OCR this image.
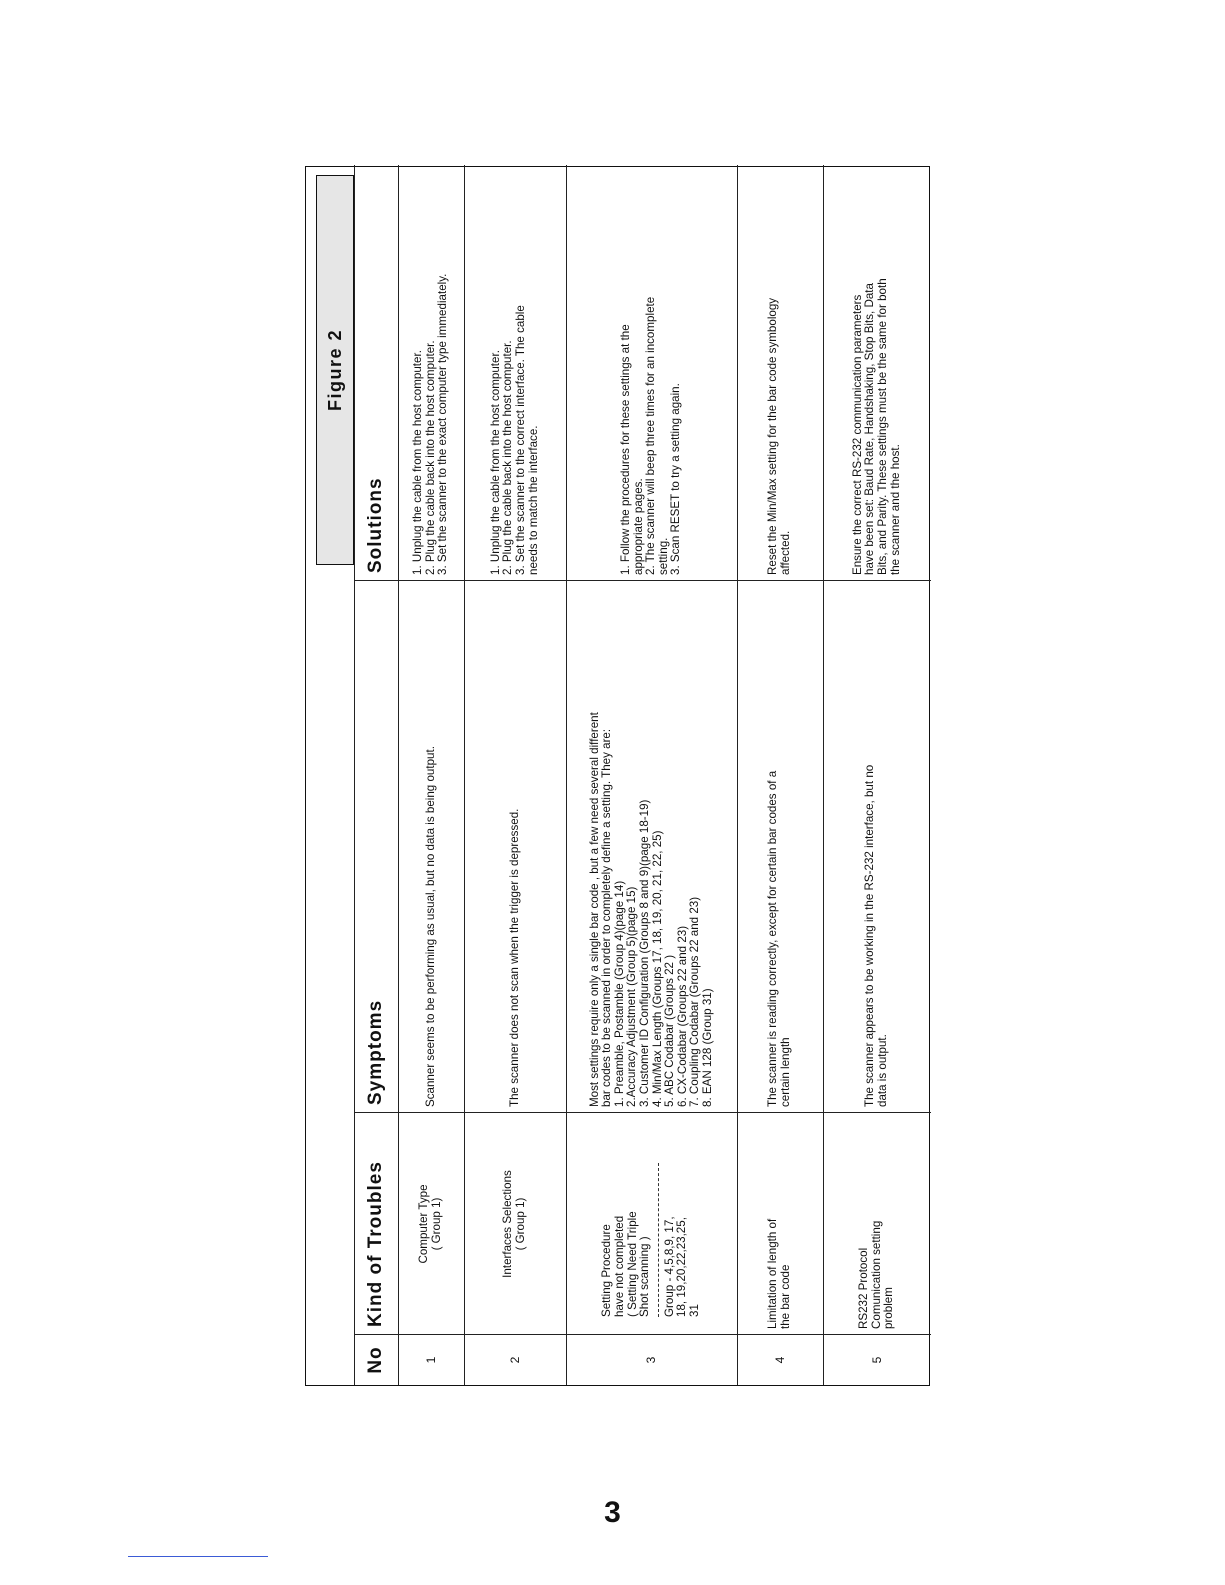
Figure 2
No
Kind of Troubles
Symptoms
Solutions
1
Computer Type
( Group 1)
Scanner seems to be performing as usual, but no data is being output.
1. Unplug the cable from the host computer.
2. Plug the cable back into the host computer.
3. Set the scanner to the exact computer type immediately.
2
Interfaces Selections
( Group 1)
The scanner does not scan when the trigger is depressed.
1. Unplug the cable from the host computer.
2. Plug the cable back into the host computer.
3. Set the scanner to the correct interface. The cable
needs to match the interface.
3
Setting Procedure
have not completed
( Setting Need Triple
Shot scanning )
Group - 4,5,8,9, 17,
18, 19,20,22,23,25,
31
Most settings require only a single bar code , but a few need several different
bar codes to be scanned in order to completely define a setting. They are:
1. Preamble, Postamble (Group 4)(page 14)
2.Accuracy Adjustment (Group 5)(page 15)
3. Customer ID Configuration (Groups 8 and 9)(page 18-19)
4. Min/Max Length (Groups 17, 18, 19, 20, 21, 22, 25)
5. ABC Codabar (Groups 22 )
6. CX-Codabar (Groups 22 and 23)
7. Coupling Codabar (Groups 22 and 23)
8. EAN 128 (Group 31)
1. Follow the procedures for these settings at the
appropriate pages.
2. The scanner will beep three times for an incomplete
setting.
3. Scan RESET to try a setting again.
4
Limitation of length of
the bar code
The scanner is reading correctly, except for certain bar codes of a
certain length
Reset the Min/Max setting for the bar code symbology
affected.
5
RS232 Protocol
Comunication setting
problem
The scanner appears to be working in the RS-232 interface, but no
data is output.
Ensure the correct RS-232 communication parameters
have been set: Baud Rate, Handshaking, Stop Bits, Data
Bits, and Parity. These settings must be the same for both
the scanner and the host.
3
